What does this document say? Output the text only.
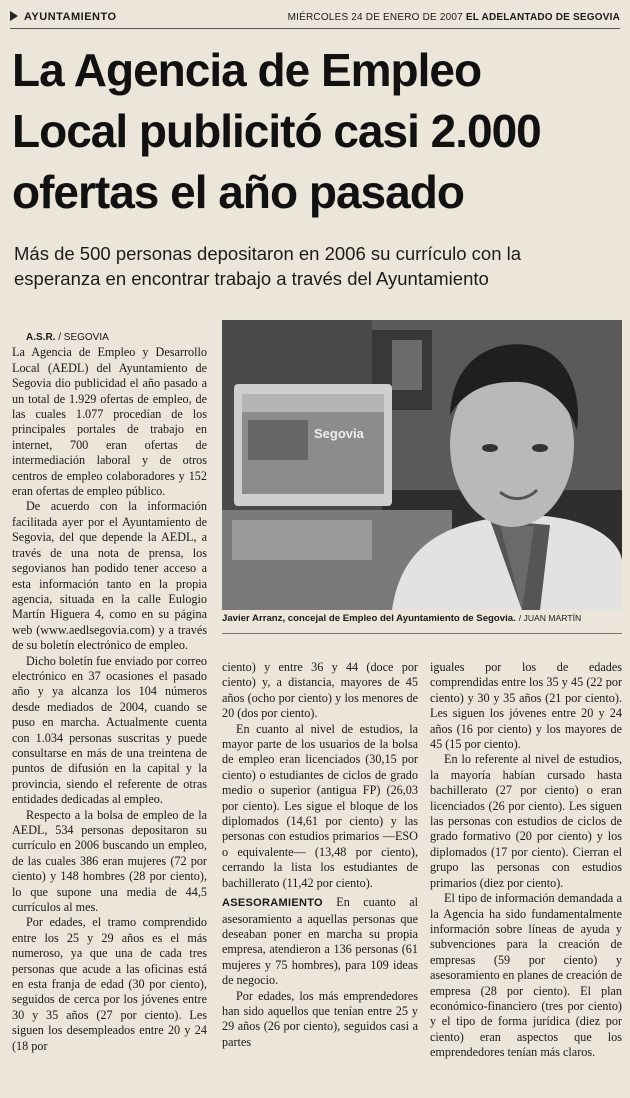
AYUNTAMIENTO	MIÉRCOLES 24 DE ENERO DE 2007 EL ADELANTADO DE SEGOVIA
La Agencia de Empleo
Local publicitó casi 2.000
ofertas el año pasado

Más de 500 personas depositaron en 2006 su currículo con la
esperanza en encontrar trabajo a través del Ayuntamiento

A.S.R. / SEGOVIA

La Agencia de Empleo y Desarrollo Local (AEDL) del Ayuntamiento de Segovia dio publicidad el año pasado a un total de 1.929 ofertas de empleo, de las cuales 1.077 procedían de los principales portales de trabajo en internet, 700 eran ofertas de intermediación laboral y de otros centros de empleo colaboradores y 152 eran ofertas de empleo público.

De acuerdo con la información facilitada ayer por el Ayuntamiento de Segovia, del que depende la AEDL, a través de una nota de prensa, los segovianos han podido tener acceso a esta información tanto en la propia agencia, situada en la calle Eulogio Martín Higuera 4, como en su página web (www.aedlsegovia.com) y a través de su boletín electrónico de empleo.

Dicho boletín fue enviado por correo electrónico en 37 ocasiones el pasado año y ya alcanza los 104 números desde mediados de 2004, cuando se puso en marcha. Actualmente cuenta con 1.034 personas suscritas y puede consultarse en más de una treintena de puntos de difusión en la capital y la provincia, siendo el referente de otras entidades dedicadas al empleo.

Respecto a la bolsa de empleo de la AEDL, 534 personas depositaron su currículo en 2006 buscando un empleo, de las cuales 386 eran mujeres (72 por ciento) y 148 hombres (28 por ciento), lo que supone una media de 44,5 currículos al mes.

Por edades, el tramo comprendido entre los 25 y 29 años es el más numeroso, ya que una de cada tres personas que acude a las oficinas está en esta franja de edad (30 por ciento), seguidos de cerca por los jóvenes entre 30 y 35 años (27 por ciento). Les siguen los desempleados entre 20 y 24 (18 por

Segovia
Javier Arranz, concejal de Empleo del Ayuntamiento de Segovia. / JUAN MARTÍN

ciento) y entre 36 y 44 (doce por ciento) y, a distancia, mayores de 45 años (ocho por ciento) y los menores de 20 (dos por ciento).

En cuanto al nivel de estudios, la mayor parte de los usuarios de la bolsa de empleo eran licenciados (30,15 por ciento) o estudiantes de ciclos de grado medio o superior (antigua FP) (26,03 por ciento). Les sigue el bloque de los diplomados (14,61 por ciento) y las personas con estudios primarios —ESO o equivalente— (13,48 por ciento), cerrando la lista los estudiantes de bachillerato (11,42 por ciento).

ASESORAMIENTO En cuanto al asesoramiento a aquellas personas que deseaban poner en marcha su propia empresa, atendieron a 136 personas (61 mujeres y 75 hombres), para 109 ideas de negocio.

Por edades, los más emprendedores han sido aquellos que tenían entre 25 y 29 años (26 por ciento), seguidos casi a partes

iguales por los de edades comprendidas entre los 35 y 45 (22 por ciento) y 30 y 35 años (21 por ciento). Les siguen los jóvenes entre 20 y 24 años (16 por ciento) y los mayores de 45 (15 por ciento).

En lo referente al nivel de estudios, la mayoría habían cursado hasta bachillerato (27 por ciento) o eran licenciados (26 por ciento). Les siguen las personas con estudios de ciclos de grado formativo (20 por ciento) y los diplomados (17 por ciento). Cierran el grupo las personas con estudios primarios (diez por ciento).

El tipo de información demandada a la Agencia ha sido fundamentalmente información sobre líneas de ayuda y subvenciones para la creación de empresas (59 por ciento) y asesoramiento en planes de creación de empresa (28 por ciento). El plan económico-financiero (tres por ciento) y el tipo de forma jurídica (diez por ciento) eran aspectos que los emprendedores tenían más claros.
